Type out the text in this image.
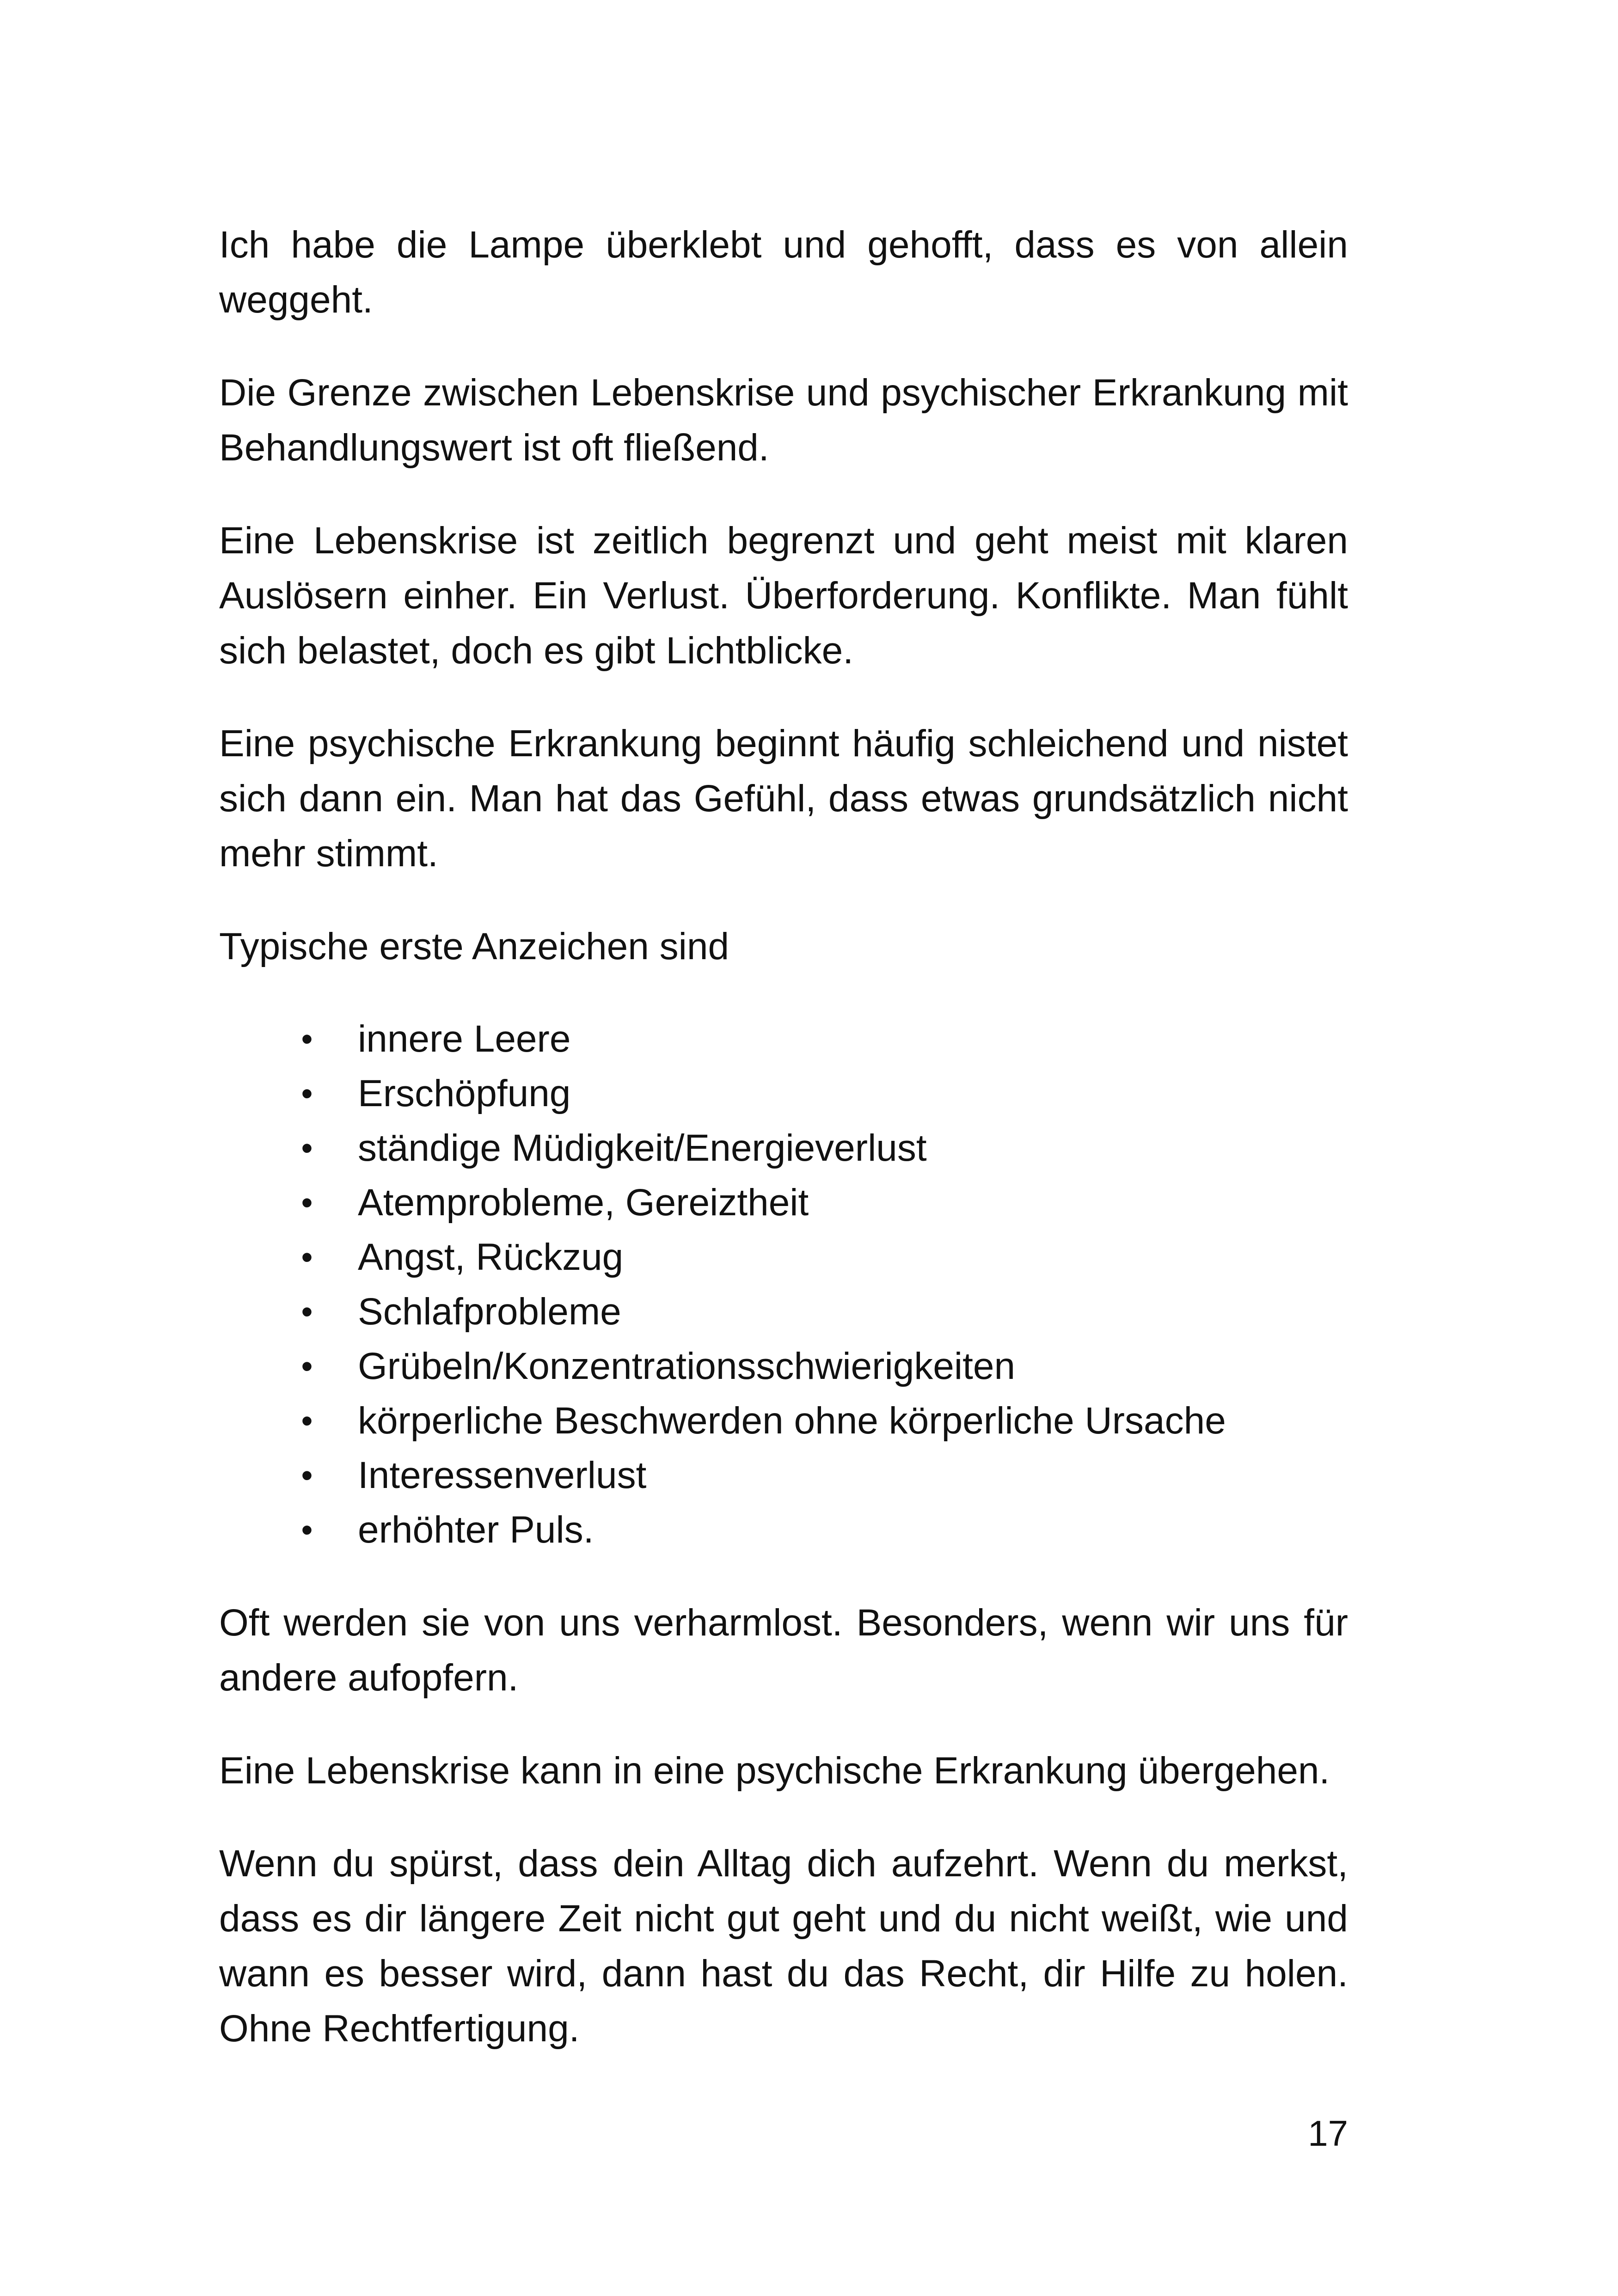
Ich habe die Lampe überklebt und gehofft, dass es von allein weggeht.

Die Grenze zwischen Lebenskrise und psychischer Erkrankung mit Behandlungswert ist oft fließend.

Eine Lebenskrise ist zeitlich begrenzt und geht meist mit klaren Auslösern einher. Ein Verlust. Überforderung. Konflikte. Man fühlt sich belastet, doch es gibt Lichtblicke.

Eine psychische Erkrankung beginnt häufig schleichend und nistet sich dann ein. Man hat das Gefühl, dass etwas grundsätzlich nicht mehr stimmt.

Typische erste Anzeichen sind

• innere Leere
• Erschöpfung
• ständige Müdigkeit/Energieverlust
• Atemprobleme, Gereiztheit
• Angst, Rückzug
• Schlafprobleme
• Grübeln/Konzentrationsschwierigkeiten
• körperliche Beschwerden ohne körperliche Ursache
• Interessenverlust
• erhöhter Puls.

Oft werden sie von uns verharmlost. Besonders, wenn wir uns für andere aufopfern.

Eine Lebenskrise kann in eine psychische Erkrankung übergehen.

Wenn du spürst, dass dein Alltag dich aufzehrt. Wenn du merkst, dass es dir längere Zeit nicht gut geht und du nicht weißt, wie und wann es besser wird, dann hast du das Recht, dir Hilfe zu holen. Ohne Rechtfertigung.

17
